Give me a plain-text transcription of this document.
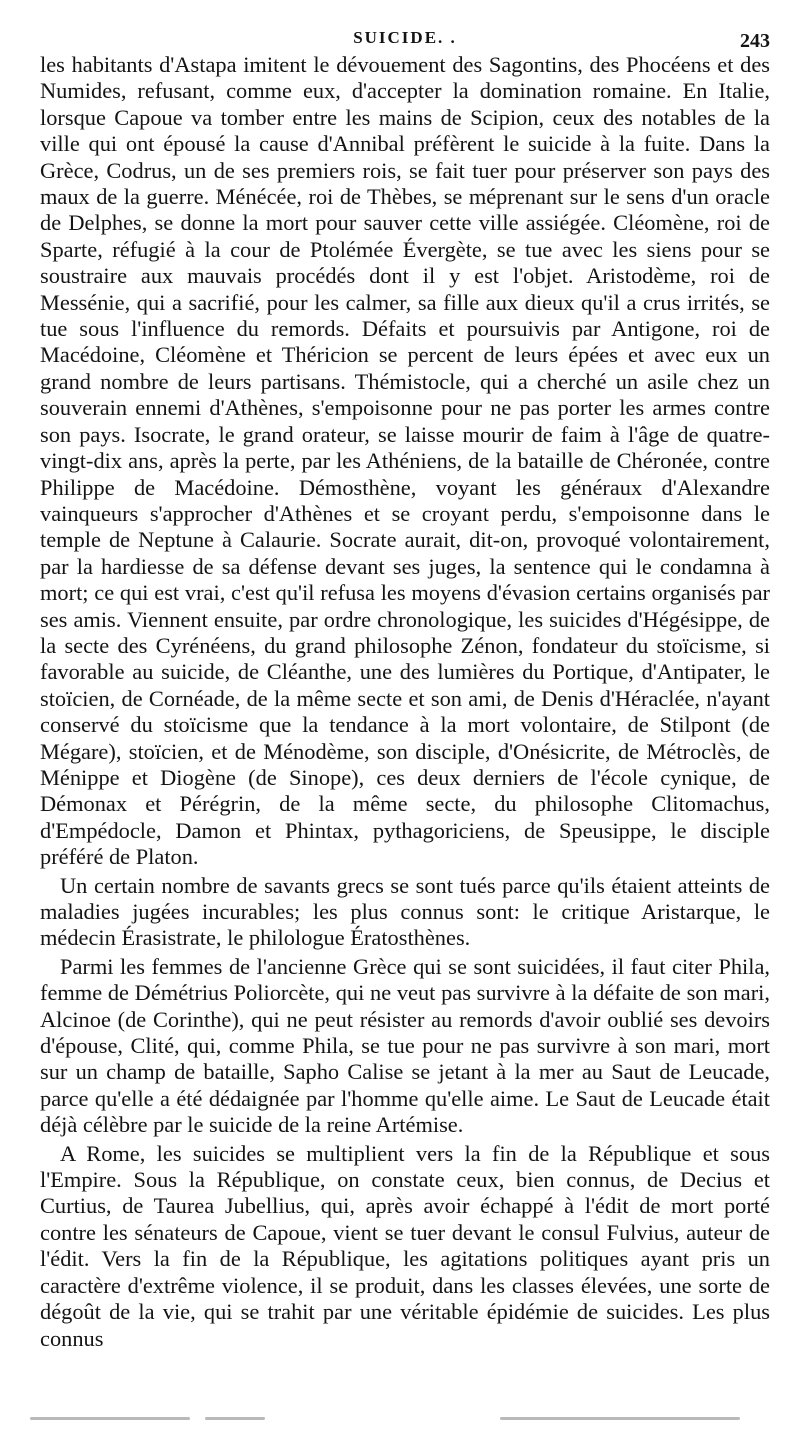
SUICIDE. .	243

les habitants d'Astapa imitent le dévouement des Sagontins, des Phocéens et des Numides, refusant, comme eux, d'accepter la domination romaine. En Italie, lorsque Capoue va tomber entre les mains de Scipion, ceux des notables de la ville qui ont épousé la cause d'Annibal préfèrent le suicide à la fuite. Dans la Grèce, Codrus, un de ses premiers rois, se fait tuer pour préserver son pays des maux de la guerre. Ménécée, roi de Thèbes, se méprenant sur le sens d'un oracle de Delphes, se donne la mort pour sauver cette ville assiégée. Cléomène, roi de Sparte, réfugié à la cour de Ptolémée Évergète, se tue avec les siens pour se soustraire aux mauvais procédés dont il y est l'objet. Aristodème, roi de Messénie, qui a sacrifié, pour les calmer, sa fille aux dieux qu'il a crus irrités, se tue sous l'influence du remords. Défaits et poursuivis par Antigone, roi de Macédoine, Cléomène et Théricion se percent de leurs épées et avec eux un grand nombre de leurs partisans. Thémistocle, qui a cherché un asile chez un souverain ennemi d'Athènes, s'empoisonne pour ne pas porter les armes contre son pays. Isocrate, le grand orateur, se laisse mourir de faim à l'âge de quatre-vingt-dix ans, après la perte, par les Athéniens, de la bataille de Chéronée, contre Philippe de Macédoine. Démosthène, voyant les généraux d'Alexandre vainqueurs s'approcher d'Athènes et se croyant perdu, s'empoisonne dans le temple de Neptune à Calaurie. Socrate aurait, dit-on, provoqué volontairement, par la hardiesse de sa défense devant ses juges, la sentence qui le condamna à mort; ce qui est vrai, c'est qu'il refusa les moyens d'évasion certains organisés par ses amis. Viennent ensuite, par ordre chronologique, les suicides d'Hégésippe, de la secte des Cyrénéens, du grand philosophe Zénon, fondateur du stoïcisme, si favorable au suicide, de Cléanthe, une des lumières du Portique, d'Antipater, le stoïcien, de Cornéade, de la même secte et son ami, de Denis d'Héraclée, n'ayant conservé du stoïcisme que la tendance à la mort volontaire, de Stilpont (de Mégare), stoïcien, et de Ménodème, son disciple, d'Onésicrite, de Métroclès, de Ménippe et Diogène (de Sinope), ces deux derniers de l'école cynique, de Démonax et Pérégrin, de la même secte, du philosophe Clitomachus, d'Empédocle, Damon et Phintax, pythagoriciens, de Speusippe, le disciple préféré de Platon.

Un certain nombre de savants grecs se sont tués parce qu'ils étaient atteints de maladies jugées incurables; les plus connus sont: le critique Aristarque, le médecin Érasistrate, le philologue Ératosthènes.

Parmi les femmes de l'ancienne Grèce qui se sont suicidées, il faut citer Phila, femme de Démétrius Poliorcète, qui ne veut pas survivre à la défaite de son mari, Alcinoe (de Corinthe), qui ne peut résister au remords d'avoir oublié ses devoirs d'épouse, Clité, qui, comme Phila, se tue pour ne pas survivre à son mari, mort sur un champ de bataille, Sapho Calise se jetant à la mer au Saut de Leucade, parce qu'elle a été dédaignée par l'homme qu'elle aime. Le Saut de Leucade était déjà célèbre par le suicide de la reine Artémise.

A Rome, les suicides se multiplient vers la fin de la République et sous l'Empire. Sous la République, on constate ceux, bien connus, de Decius et Curtius, de Taurea Jubellius, qui, après avoir échappé à l'édit de mort porté contre les sénateurs de Capoue, vient se tuer devant le consul Fulvius, auteur de l'édit. Vers la fin de la République, les agitations politiques ayant pris un caractère d'extrême violence, il se produit, dans les classes élevées, une sorte de dégoût de la vie, qui se trahit par une véritable épidémie de suicides. Les plus connus
